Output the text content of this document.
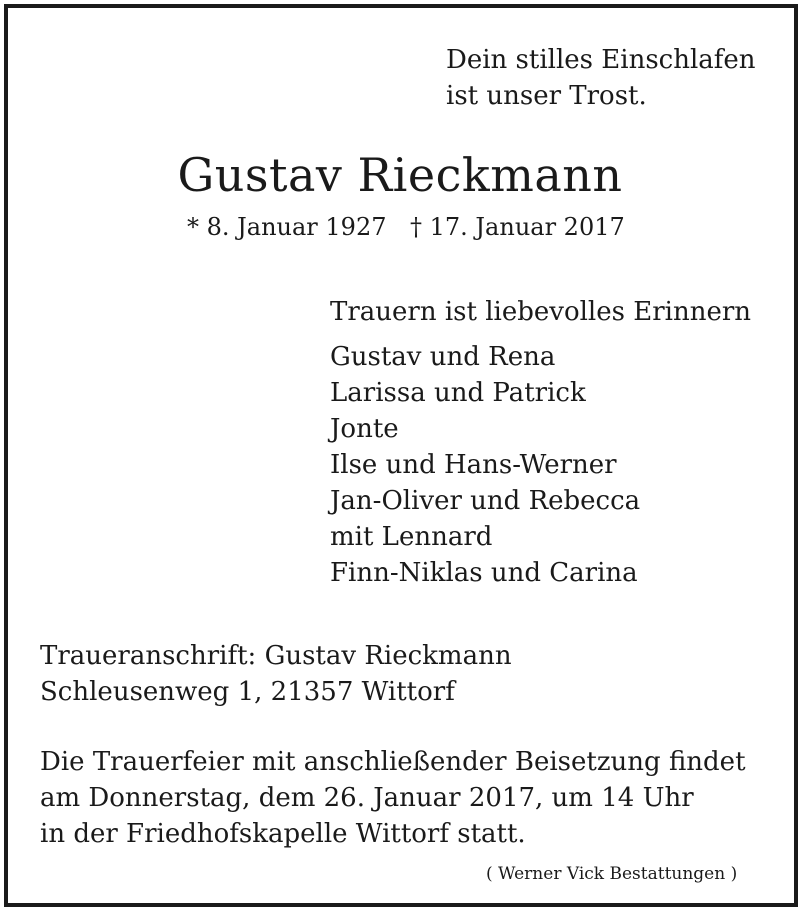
Dein stilles Einschlafen
ist unser Trost.
Gustav Rieckmann
* 8. Januar 1927 † 17. Januar 2017
Trauern ist liebevolles Erinnern
Gustav und Rena
Larissa und Patrick
Jonte
Ilse und Hans-Werner
Jan-Oliver und Rebecca
mit Lennard
Finn-Niklas und Carina
Traueranschrift: Gustav Rieckmann
Schleusenweg 1, 21357 Wittorf
Die Trauerfeier mit anschließender Beisetzung findet
am Donnerstag, dem 26. Januar 2017, um 14 Uhr
in der Friedhofskapelle Wittorf statt.
( Werner Vick Bestattungen )
